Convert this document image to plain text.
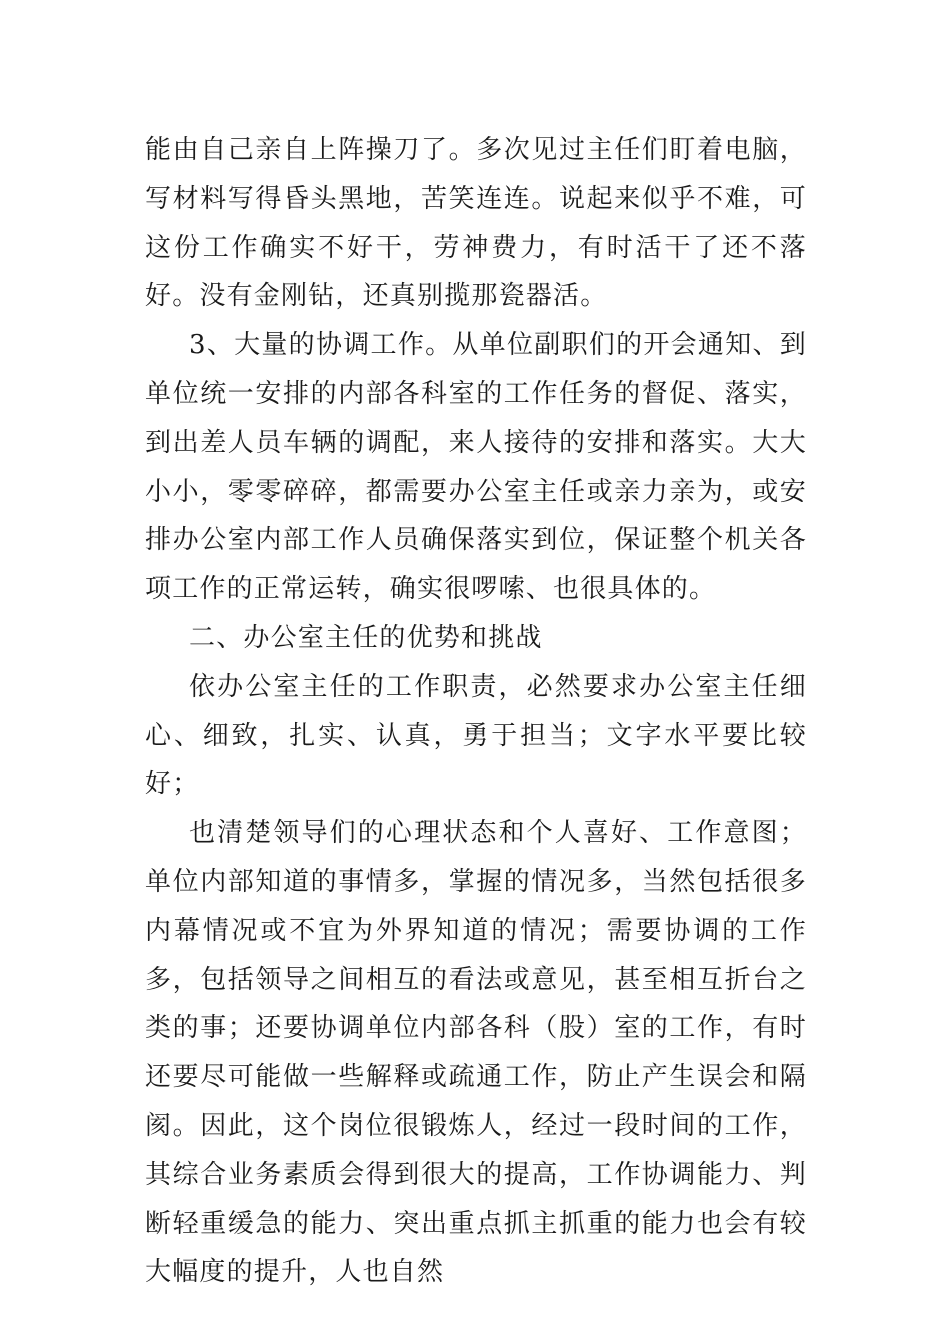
能由自己亲自上阵操刀了。多次见过主任们盯着电脑，写材料写得昏头黑地，苦笑连连。说起来似乎不难，可这份工作确实不好干，劳神费力，有时活干了还不落好。没有金刚钻，还真别揽那瓷器活。

3、大量的协调工作。从单位副职们的开会通知、到单位统一安排的内部各科室的工作任务的督促、落实，到出差人员车辆的调配，来人接待的安排和落实。大大小小，零零碎碎，都需要办公室主任或亲力亲为，或安排办公室内部工作人员确保落实到位，保证整个机关各项工作的正常运转，确实很啰嗦、也很具体的。

二、办公室主任的优势和挑战

依办公室主任的工作职责，必然要求办公室主任细心、细致，扎实、认真，勇于担当；文字水平要比较好；

也清楚领导们的心理状态和个人喜好、工作意图；单位内部知道的事情多，掌握的情况多，当然包括很多内幕情况或不宜为外界知道的情况；需要协调的工作多，包括领导之间相互的看法或意见，甚至相互折台之类的事；还要协调单位内部各科（股）室的工作，有时还要尽可能做一些解释或疏通工作，防止产生误会和隔阂。因此，这个岗位很锻炼人，经过一段时间的工作，其综合业务素质会得到很大的提高，工作协调能力、判断轻重缓急的能力、突出重点抓主抓重的能力也会有较大幅度的提升，人也自然
